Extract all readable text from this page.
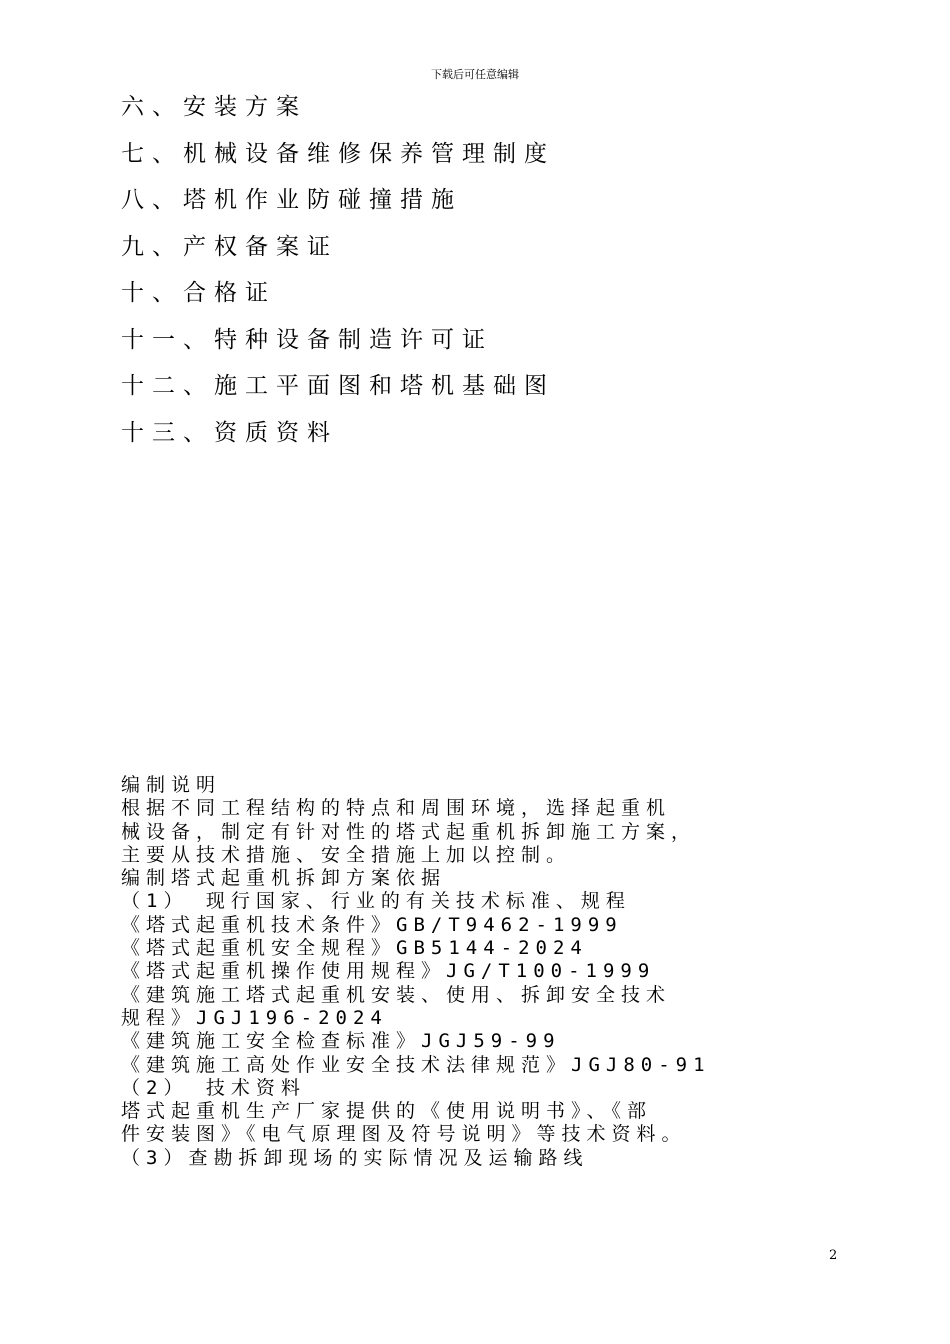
下载后可任意编辑
六、安装方案
七、机械设备维修保养管理制度
八、塔机作业防碰撞措施
九、产权备案证
十、合格证
十一、特种设备制造许可证
十二、施工平面图和塔机基础图
十三、资质资料
编制说明
根据不同工程结构的特点和周围环境，选择起重机
械设备，制定有针对性的塔式起重机拆卸施工方案，
主要从技术措施、安全措施上加以控制。
编制塔式起重机拆卸方案依据
（1） 现行国家、行业的有关技术标准、规程
《塔式起重机技术条件》GB/T9462-1999
《塔式起重机安全规程》GB5144-2024
《塔式起重机操作使用规程》JG/T100-1999
《建筑施工塔式起重机安装、使用、拆卸安全技术
规程》JGJ196-2024
《建筑施工安全检查标准》JGJ59-99
《建筑施工高处作业安全技术法律规范》JGJ80-91
（2） 技术资料
塔式起重机生产厂家提供的《使用说明书》、《部
件安装图》《电气原理图及符号说明》等技术资料。
（3）查勘拆卸现场的实际情况及运输路线
2
